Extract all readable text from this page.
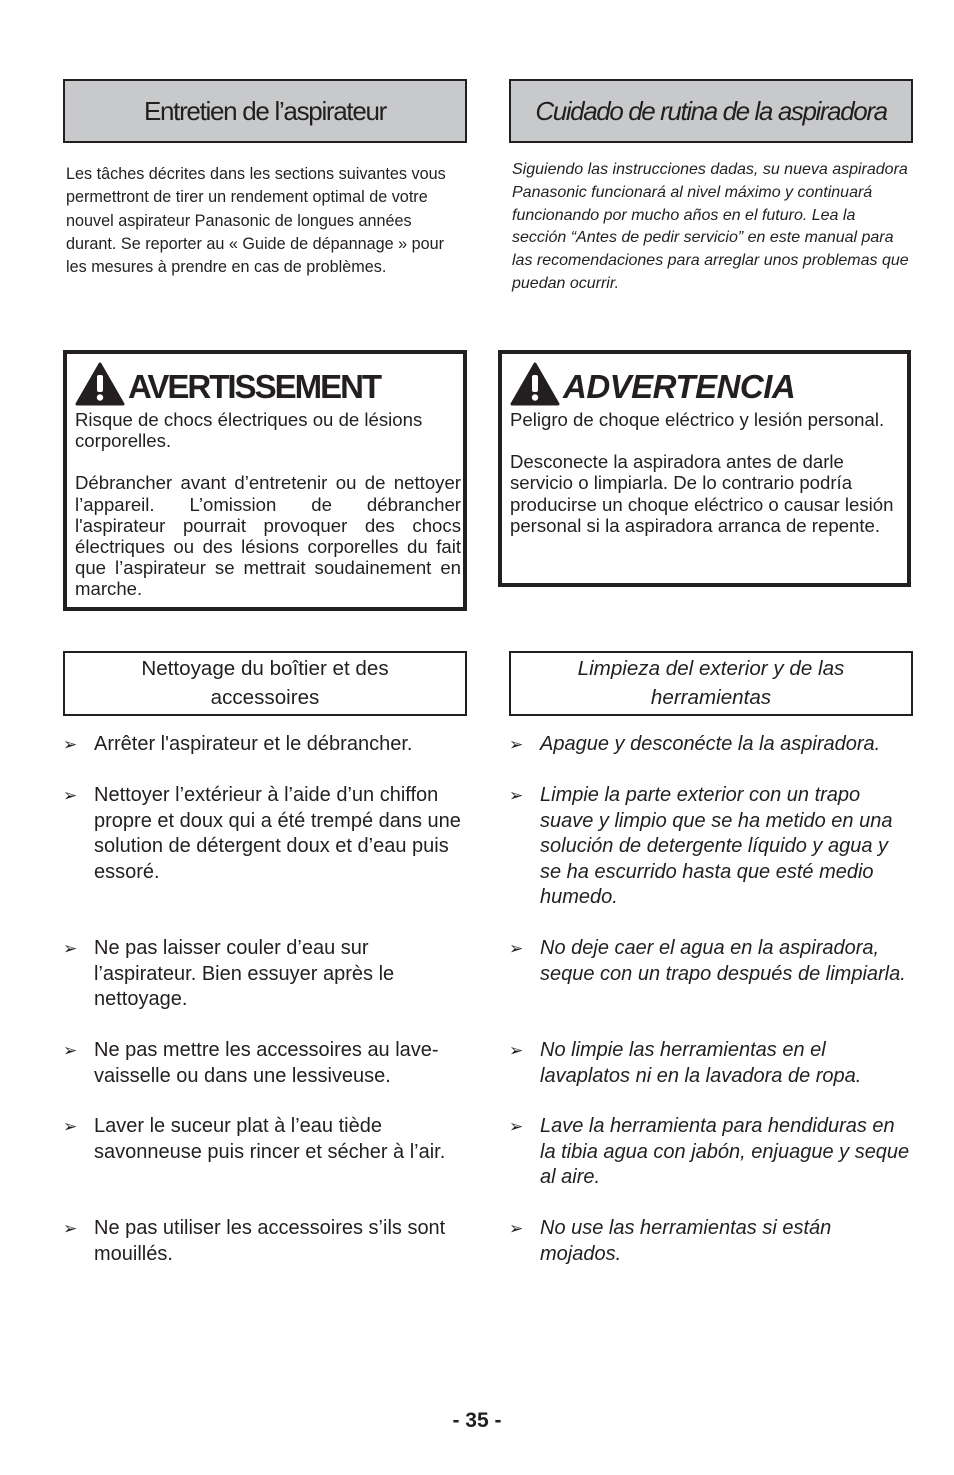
Entretien de l’aspirateur
Les tâches décrites dans les sections suivantes vous permettront de tirer un rendement optimal de votre nouvel aspirateur Panasonic de longues années durant. Se reporter au « Guide de dépannage » pour les mesures à prendre en cas de problèmes.
AVERTISSEMENT

Risque de chocs électriques ou de lésions corporelles.

Débrancher avant d’entretenir ou de nettoyer l’appareil. L’omission de débrancher l'aspirateur pourrait provoquer des chocs électriques ou des lésions corporelles du fait que l’aspirateur se mettrait soudainement en marche.

Nettoyage du boîtier et des accessoires
➢ Arrêter l'aspirateur et le débrancher.
➢ Nettoyer l’extérieur à l’aide d’un chiffon propre et doux qui a été trempé dans une solution de détergent doux et d’eau puis essoré.
➢ Ne pas laisser couler d’eau sur l’aspirateur. Bien essuyer après le nettoyage.
➢ Ne pas mettre les accessoires au lave-vaisselle ou dans une lessiveuse.
➢ Laver le suceur plat à l’eau tiède savonneuse puis rincer et sécher à l’air.
➢ Ne pas utiliser les accessoires s’ils sont mouillés.
Cuidado de rutina de la aspiradora
Siguiendo las instrucciones dadas, su nueva aspiradora Panasonic funcionará al nivel máximo y continuará funcionando por mucho años en el futuro. Lea la sección “Antes de pedir servicio” en este manual para las recomendaciones para arreglar unos problemas que puedan ocurrir.
ADVERTENCIA

Peligro de choque eléctrico y lesión personal.

Desconecte la aspiradora antes de darle servicio o limpiarla. De lo contrario podría producirse un choque eléctrico o causar lesión personal si la aspiradora arranca de repente.

Limpieza del exterior y de las herramientas
➢ Apague y desconécte la la aspiradora.
➢ Limpie la parte exterior con un trapo suave y limpio que se ha metido en una solución de detergente líquido y agua y se ha escurrido hasta que esté medio humedo.
➢ No deje caer el agua en la aspiradora, seque con un trapo después de limpiarla.
➢ No limpie las herramientas en el lavaplatos ni en la lavadora de ropa.
➢ Lave la herramienta para hendiduras en la tibia agua con jabón, enjuague y seque al aire.
➢ No use las herramientas si están mojados.
- 35 -
